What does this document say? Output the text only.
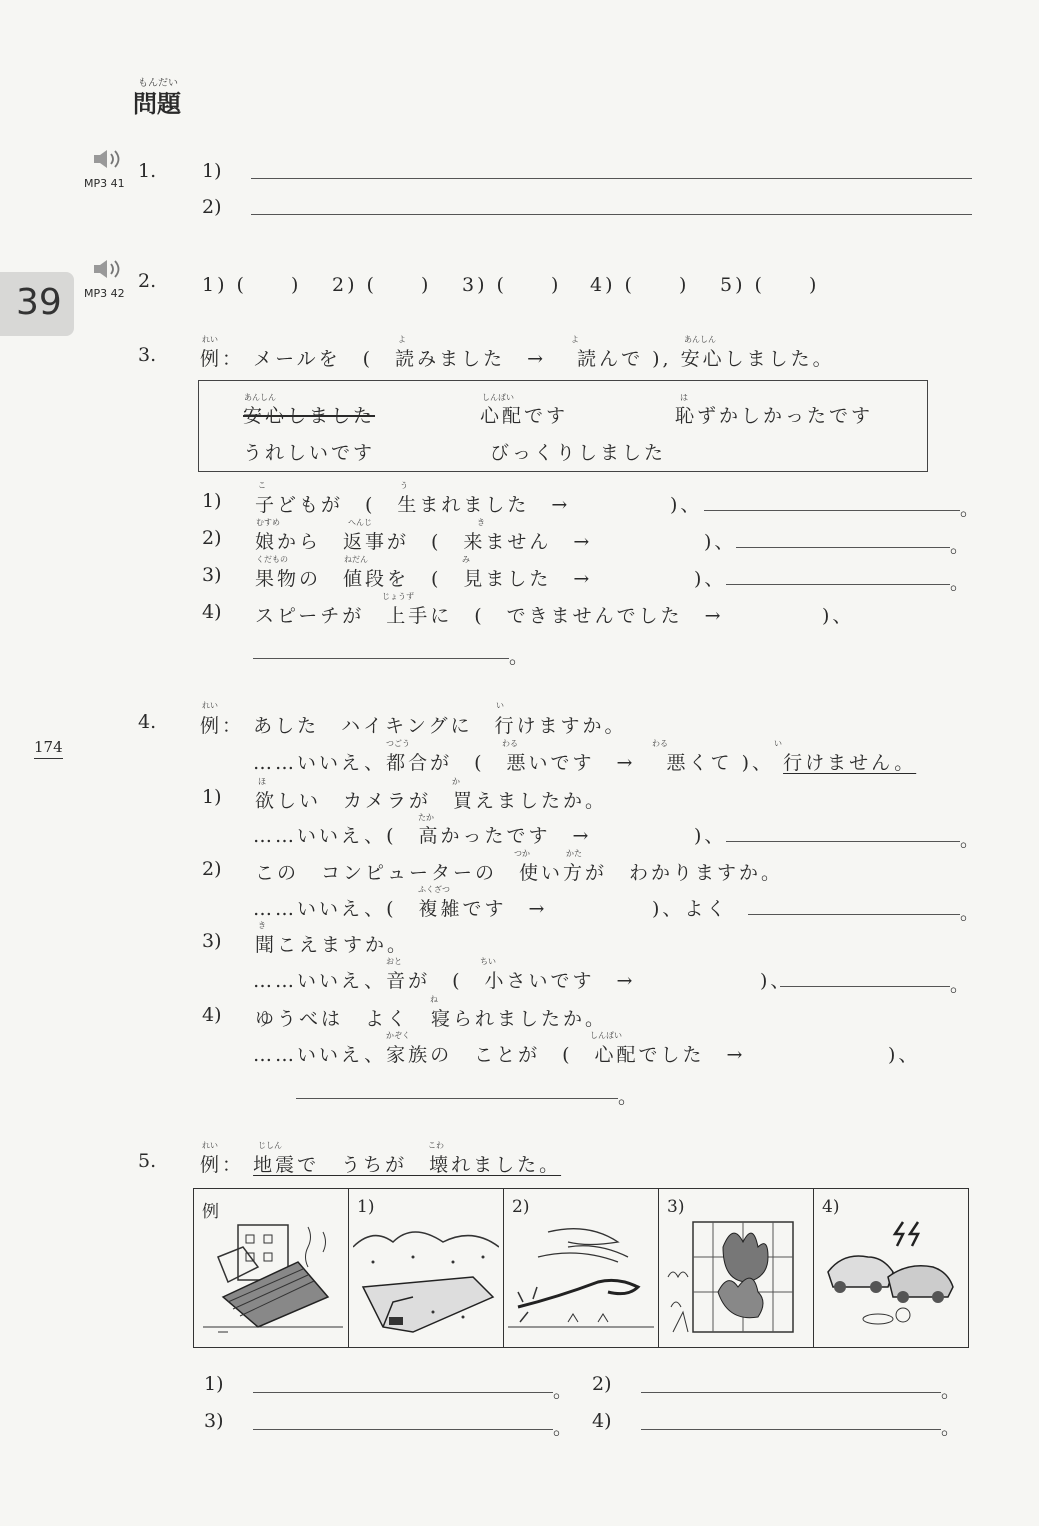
もんだい
問題
39
174
MP3 41
1. 1)
2)
MP3 42
2. 1) (　　) 2) (　　) 3) (　　) 4) (　　) 5) (　　)
3.
れい	よ	よ	あんしん
例： メールを　(　読みました　→　 読んで ), 安心しました。
あんしん	しんぱい	は
安心しました	心配です	恥ずかしかったです
うれしいです	びっくりしました
こ	う
1) 子どもが　(　生まれました　→	)、	。
むすめ	へんじ	き
2) 娘から　返事が　(　来ません　→	)、	。
くだもの	ねだん	み
3) 果物の　値段を　(　見ました　→	)、	。
じょうず
4) スピーチが　上手に　(　できませんでした　→	)、
。
4.
れい	い
例： あした　ハイキングに　行けますか。
つごう	わる	わる	い
……いいえ、都合が　(　悪いです　→　 悪くて )、 行けません。
ほ	か
1) 欲しい　カメラが　買えましたか。
たか
……いいえ、(　高かったです　→	)、	。
つか	かた
2) この　コンピューターの　使い方が　わかりますか。
ふくざつ
……いいえ、(　複雑です　→	)、よく	。
き
3) 聞こえますか。
おと	ちい
……いいえ、音が　(　小さいです　→	)、	。
ね
4) ゆうべは　よく　寝られましたか。
かぞく	しんぱい
……いいえ、家族の　ことが　(　心配でした　→	)、
。
5.
れい	じしん	こわ
例： 地震で　うちが　壊れました。
例	1)	2)	3)	4)
1)	。 2)	。
3)	。 4)	。
